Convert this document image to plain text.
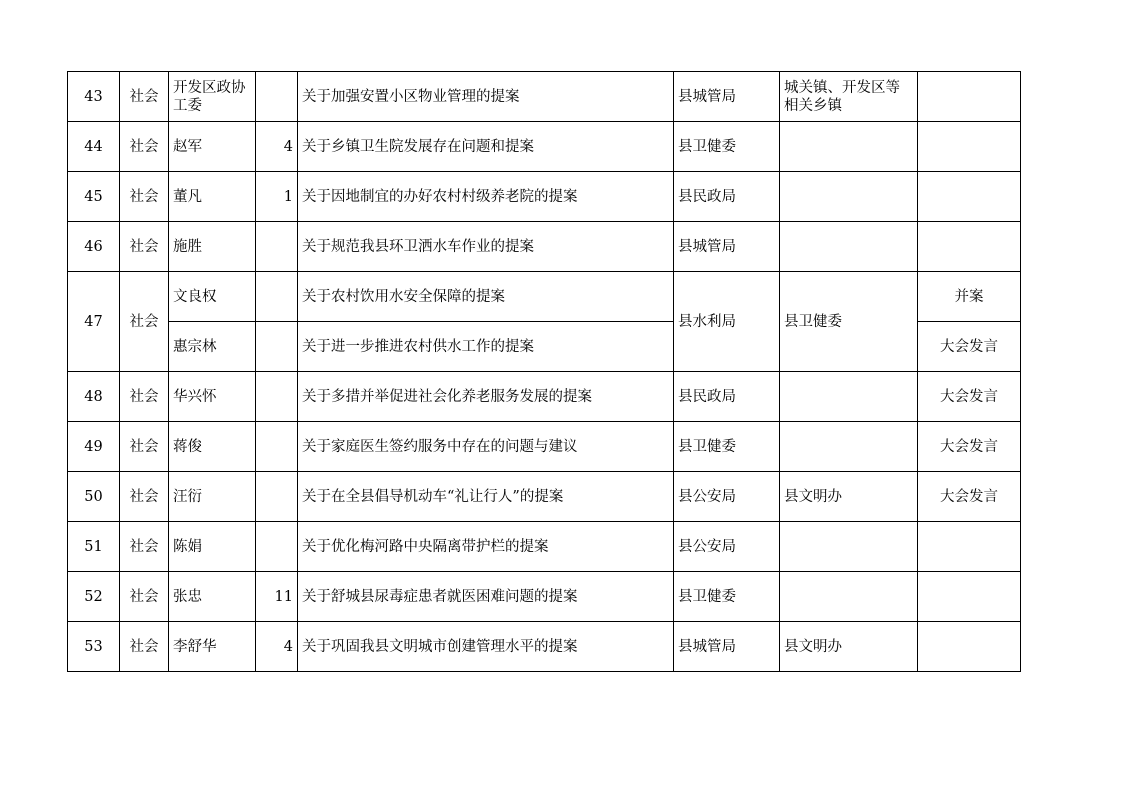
43	社会	开发区政协工委		关于加强安置小区物业管理的提案	县城管局	城关镇、开发区等相关乡镇	
44	社会	赵军	4	关于乡镇卫生院发展存在问题和提案	县卫健委		
45	社会	董凡	1	关于因地制宜的办好农村村级养老院的提案	县民政局		
46	社会	施胜		关于规范我县环卫洒水车作业的提案	县城管局		
47	社会	文良权		关于农村饮用水安全保障的提案	县水利局	县卫健委	并案
		惠宗林		关于进一步推进农村供水工作的提案			大会发言
48	社会	华兴怀		关于多措并举促进社会化养老服务发展的提案	县民政局		大会发言
49	社会	蒋俊		关于家庭医生签约服务中存在的问题与建议	县卫健委		大会发言
50	社会	汪衍		关于在全县倡导机动车“礼让行人”的提案	县公安局	县文明办	大会发言
51	社会	陈娟		关于优化梅河路中央隔离带护栏的提案	县公安局		
52	社会	张忠	11	关于舒城县尿毒症患者就医困难问题的提案	县卫健委		
53	社会	李舒华	4	关于巩固我县文明城市创建管理水平的提案	县城管局	县文明办	
